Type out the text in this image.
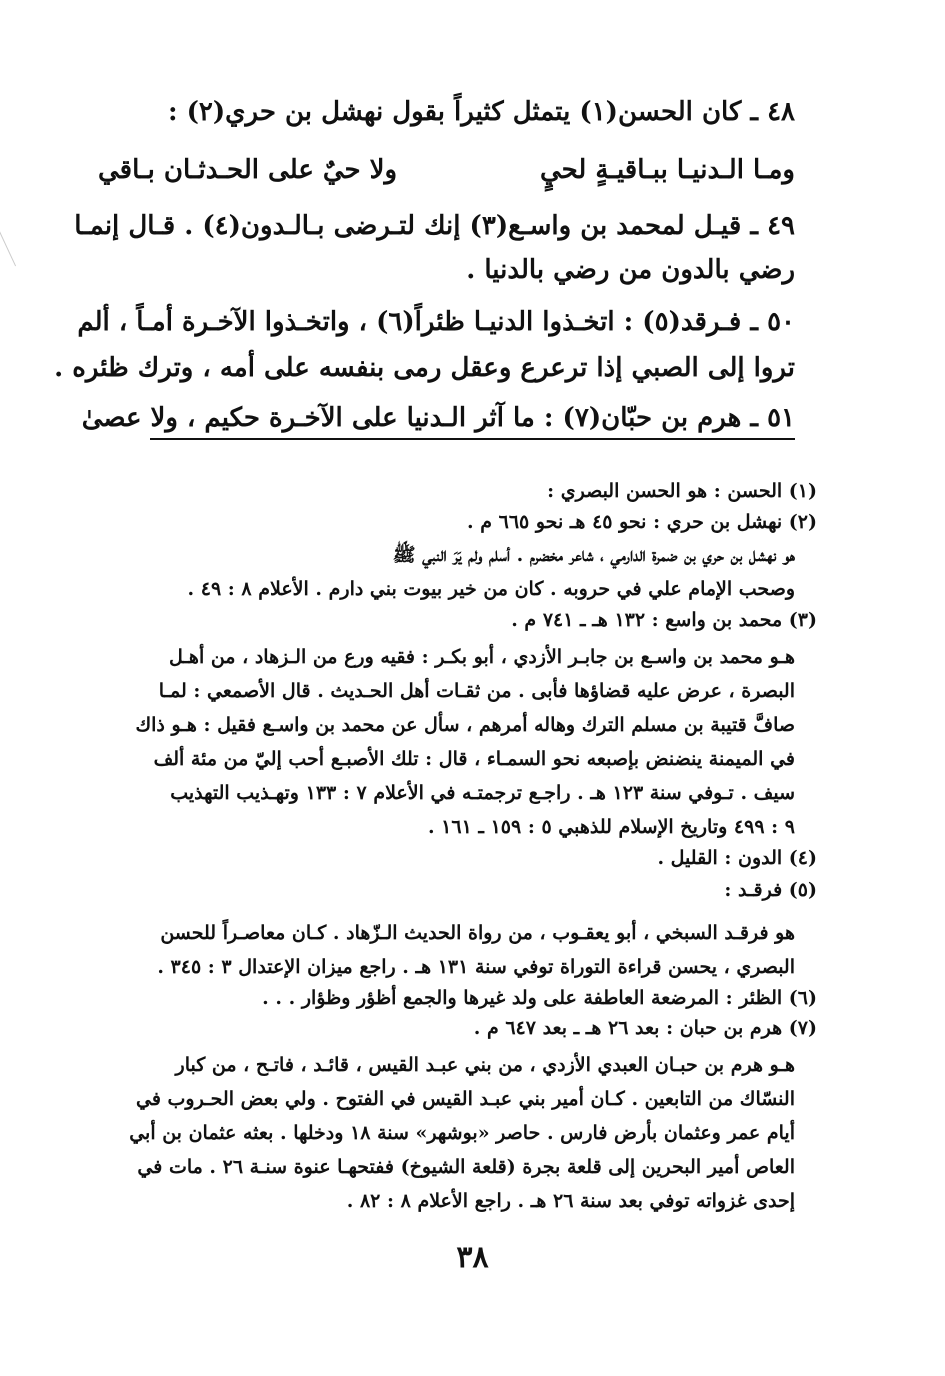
٤٨ ـ كان الحسن(١) يتمثل كثيراً بقول نهشل بن حري(٢) :
ومـا الـدنيـا ببـاقيـةٍ لحيٍ
ولا حيٌ على الحـدثـان بـاقي
٤٩ ـ قيـل لمحمد بن واسـع(٣) إنك لتـرضى بـالـدون(٤) . قـال إنمـا
رضي بالدون من رضي بالدنيا .
٥٠ ـ فـرقد(٥) : اتخـذوا الدنيـا ظئراً(٦) ، واتخـذوا الآخـرة أمـاً ، ألم
تروا إلى الصبي إذا ترعرع وعقل رمى بنفسه على أمه ، وترك ظئره .
٥١ ـ هرم بن حبّان(٧) : ما آثر الـدنيا على الآخـرة حكيم ، ولا عصىٰ
(١) الحسن : هو الحسن البصري :
(٢) نهشل بن حري : نحو ٤٥ هـ نحو ٦٦٥ م .
هو نهشل بن حري بن ضمرة الدارمي ، شاعر مخضرم . أسلم ولم يَرَ النبي ﷺ
وصحب الإمام علي في حروبه . كان من خير بيوت بني دارم . الأعلام ٨ : ٤٩ .
(٣) محمد بن واسع : ١٣٢ هـ ـ ٧٤١ م .
هـو محمد بن واسـع بن جابـر الأزدي ، أبو بكـر : فقيه ورع من الـزهاد ، من أهـل
البصرة ، عرض عليه قضاؤها فأبى . من ثقـات أهل الحـديث . قال الأصمعي : لمـا
صافَّ قتيبة بن مسلم الترك وهاله أمرهم ، سأل عن محمد بن واسـع فقيل : هـو ذاك
في الميمنة ينضنض بإصبعه نحو السمـاء ، قال : تلك الأصبـع أحب إليّ من مئة ألف
سيف . تـوفي سنة ١٢٣ هـ . راجـع ترجمتـه في الأعلام ٧ : ١٣٣ وتهـذيب التهذيب
٩ : ٤٩٩ وتاريخ الإسلام للذهبي ٥ : ١٥٩ ـ ١٦١ .
(٤) الدون : القليل .
(٥) فرقـد :
هو فرقـد السبخي ، أبو يعقـوب ، من رواة الحديث الـزّهاد . كـان معاصـراً للحسن
البصري ، يحسن قراءة التوراة توفي سنة ١٣١ هـ . راجع ميزان الإعتدال ٣ : ٣٤٥ .
(٦) الظئر : المرضعة العاطفة على ولد غيرها والجمع أظؤر وظؤار . . .
(٧) هرم بن حبان : بعد ٢٦ هـ ـ بعد ٦٤٧ م .
هـو هرم بن حبـان العبدي الأزدي ، من بني عبـد القيس ، قائـد ، فاتـح ، من كبار
النسّاك من التابعين . كـان أمير بني عبـد القيس في الفتوح . ولي بعض الحـروب في
أيام عمر وعثمان بأرض فارس . حاصر «بوشهر» سنة ١٨ ودخلها . بعثه عثمان بن أبي
العاص أمير البحرين إلى قلعة بجرة (قلعة الشيوخ) ففتحهـا عنوة سنـة ٢٦ . مات في
إحدى غزواته توفي بعد سنة ٢٦ هـ . راجع الأعلام ٨ : ٨٢ .
٣٨
